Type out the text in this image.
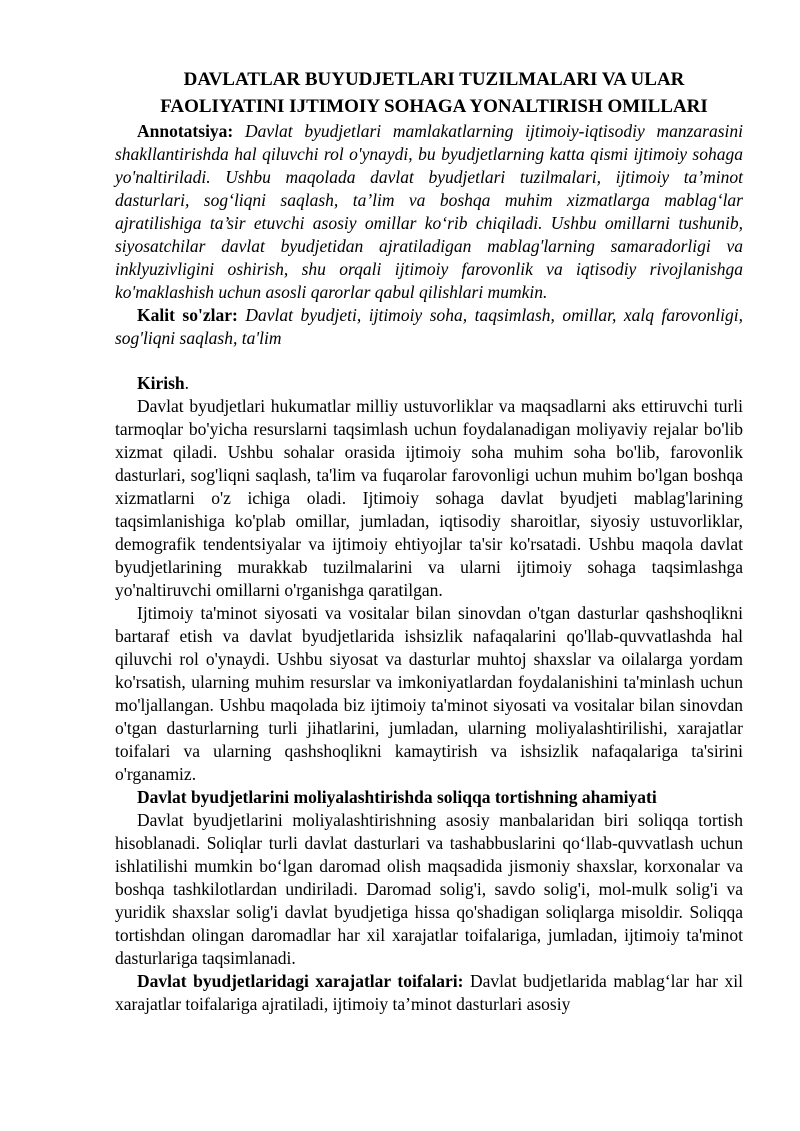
DAVLATLAR BUYUDJETLARI TUZILMALARI VA ULAR
FAOLIYATINI IJTIMOIY SOHAGA YONALTIRISH OMILLARI

Annotatsiya: Davlat byudjetlari mamlakatlarning ijtimoiy-iqtisodiy manzarasini shakllantirishda hal qiluvchi rol o'ynaydi, bu byudjetlarning katta qismi ijtimoiy sohaga yo'naltiriladi. Ushbu maqolada davlat byudjetlari tuzilmalari, ijtimoiy ta’minot dasturlari, sog‘liqni saqlash, ta’lim va boshqa muhim xizmatlarga mablag‘lar ajratilishiga ta’sir etuvchi asosiy omillar ko‘rib chiqiladi. Ushbu omillarni tushunib, siyosatchilar davlat byudjetidan ajratiladigan mablag'larning samaradorligi va inklyuzivligini oshirish, shu orqali ijtimoiy farovonlik va iqtisodiy rivojlanishga ko'maklashish uchun asosli qarorlar qabul qilishlari mumkin.

Kalit so'zlar: Davlat byudjeti, ijtimoiy soha, taqsimlash, omillar, xalq farovonligi, sog'liqni saqlash, ta'lim

Kirish.

Davlat byudjetlari hukumatlar milliy ustuvorliklar va maqsadlarni aks ettiruvchi turli tarmoqlar bo'yicha resurslarni taqsimlash uchun foydalanadigan moliyaviy rejalar bo'lib xizmat qiladi. Ushbu sohalar orasida ijtimoiy soha muhim soha bo'lib, farovonlik dasturlari, sog'liqni saqlash, ta'lim va fuqarolar farovonligi uchun muhim bo'lgan boshqa xizmatlarni o'z ichiga oladi. Ijtimoiy sohaga davlat byudjeti mablag'larining taqsimlanishiga ko'plab omillar, jumladan, iqtisodiy sharoitlar, siyosiy ustuvorliklar, demografik tendentsiyalar va ijtimoiy ehtiyojlar ta'sir ko'rsatadi. Ushbu maqola davlat byudjetlarining murakkab tuzilmalarini va ularni ijtimoiy sohaga taqsimlashga yo'naltiruvchi omillarni o'rganishga qaratilgan.

Ijtimoiy ta'minot siyosati va vositalar bilan sinovdan o'tgan dasturlar qashshoqlikni bartaraf etish va davlat byudjetlarida ishsizlik nafaqalarini qo'llab-quvvatlashda hal qiluvchi rol o'ynaydi. Ushbu siyosat va dasturlar muhtoj shaxslar va oilalarga yordam ko'rsatish, ularning muhim resurslar va imkoniyatlardan foydalanishini ta'minlash uchun mo'ljallangan. Ushbu maqolada biz ijtimoiy ta'minot siyosati va vositalar bilan sinovdan o'tgan dasturlarning turli jihatlarini, jumladan, ularning moliyalashtirilishi, xarajatlar toifalari va ularning qashshoqlikni kamaytirish va ishsizlik nafaqalariga ta'sirini o'rganamiz.

Davlat byudjetlarini moliyalashtirishda soliqqa tortishning ahamiyati

Davlat byudjetlarini moliyalashtirishning asosiy manbalaridan biri soliqqa tortish hisoblanadi. Soliqlar turli davlat dasturlari va tashabbuslarini qo‘llab-quvvatlash uchun ishlatilishi mumkin bo‘lgan daromad olish maqsadida jismoniy shaxslar, korxonalar va boshqa tashkilotlardan undiriladi. Daromad solig'i, savdo solig'i, mol-mulk solig'i va yuridik shaxslar solig'i davlat byudjetiga hissa qo'shadigan soliqlarga misoldir. Soliqqa tortishdan olingan daromadlar har xil xarajatlar toifalariga, jumladan, ijtimoiy ta'minot dasturlariga taqsimlanadi.

Davlat byudjetlaridagi xarajatlar toifalari: Davlat budjetlarida mablag‘lar har xil xarajatlar toifalariga ajratiladi, ijtimoiy ta’minot dasturlari asosiy
